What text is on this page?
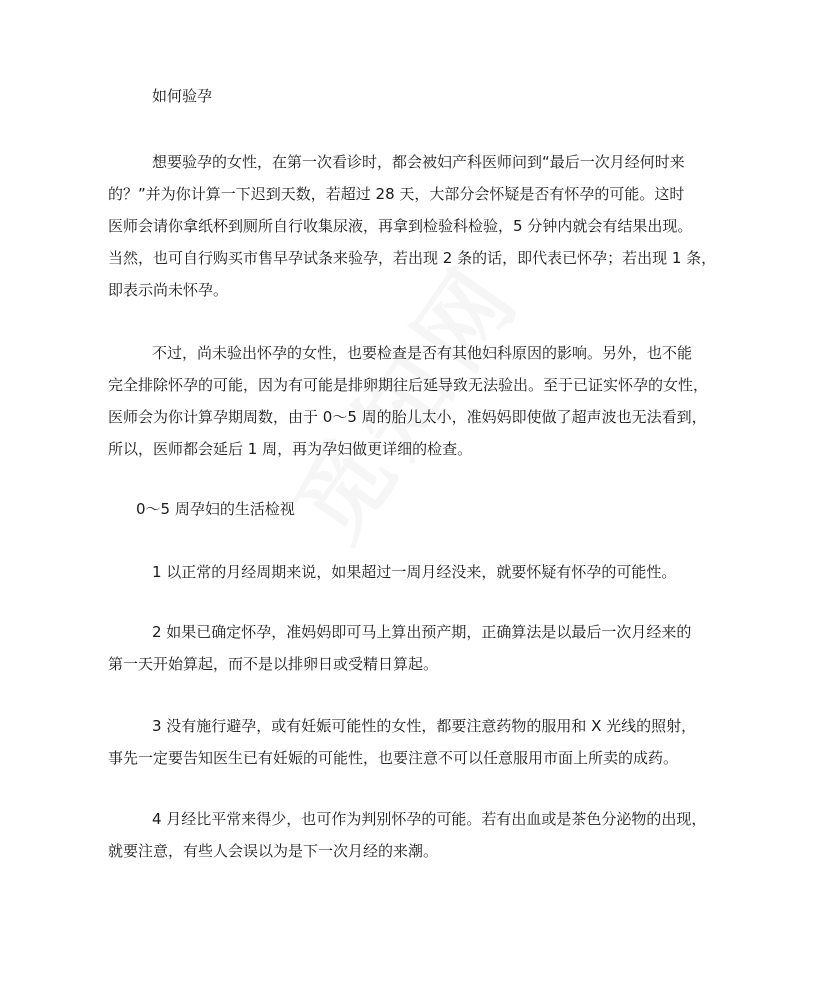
如何验孕
想要验孕的女性，在第一次看诊时，都会被妇产科医师问到“最后一次月经何时来
的？”并为你计算一下迟到天数，若超过 28 天，大部分会怀疑是否有怀孕的可能。这时
医师会请你拿纸杯到厕所自行收集尿液，再拿到检验科检验，5 分钟内就会有结果出现。
当然，也可自行购买市售早孕试条来验孕，若出现 2 条的话，即代表已怀孕；若出现 1 条，
即表示尚未怀孕。
不过，尚未验出怀孕的女性，也要检查是否有其他妇科原因的影响。另外，也不能
完全排除怀孕的可能，因为有可能是排卵期往后延导致无法验出。至于已证实怀孕的女性，
医师会为你计算孕期周数，由于 0～5 周的胎儿太小，准妈妈即使做了超声波也无法看到，
所以，医师都会延后 1 周，再为孕妇做更详细的检查。
0～5 周孕妇的生活检视
1 以正常的月经周期来说，如果超过一周月经没来，就要怀疑有怀孕的可能性。
2 如果已确定怀孕，准妈妈即可马上算出预产期，正确算法是以最后一次月经来的
第一天开始算起，而不是以排卵日或受精日算起。
3 没有施行避孕，或有妊娠可能性的女性，都要注意药物的服用和 X 光线的照射，
事先一定要告知医生已有妊娠的可能性，也要注意不可以任意服用市面上所卖的成药。
4 月经比平常来得少，也可作为判别怀孕的可能。若有出血或是茶色分泌物的出现，
就要注意，有些人会误以为是下一次月经的来潮。
